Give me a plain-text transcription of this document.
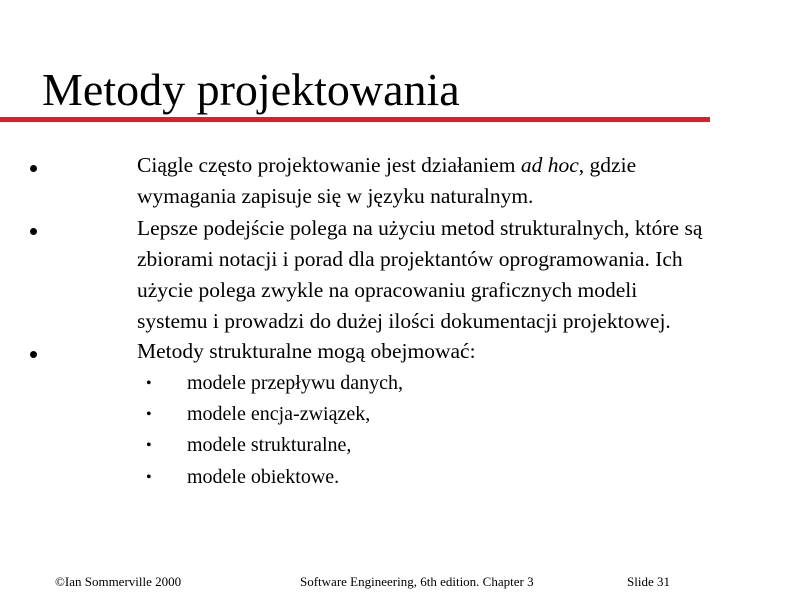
Metody projektowania
Ciągle często projektowanie jest działaniem ad hoc, gdzie
wymagania zapisuje się w języku naturalnym.
Lepsze podejście polega na użyciu metod strukturalnych, które są
zbiorami notacji i porad dla projektantów oprogramowania. Ich
użycie polega zwykle na opracowaniu graficznych modeli
systemu i prowadzi do dużej ilości dokumentacji projektowej.
Metody strukturalne mogą obejmować:
• modele przepływu danych,
• modele encja-związek,
• modele strukturalne,
• modele obiektowe.
©Ian Sommerville 2000	Software Engineering, 6th edition. Chapter 3	Slide 31
